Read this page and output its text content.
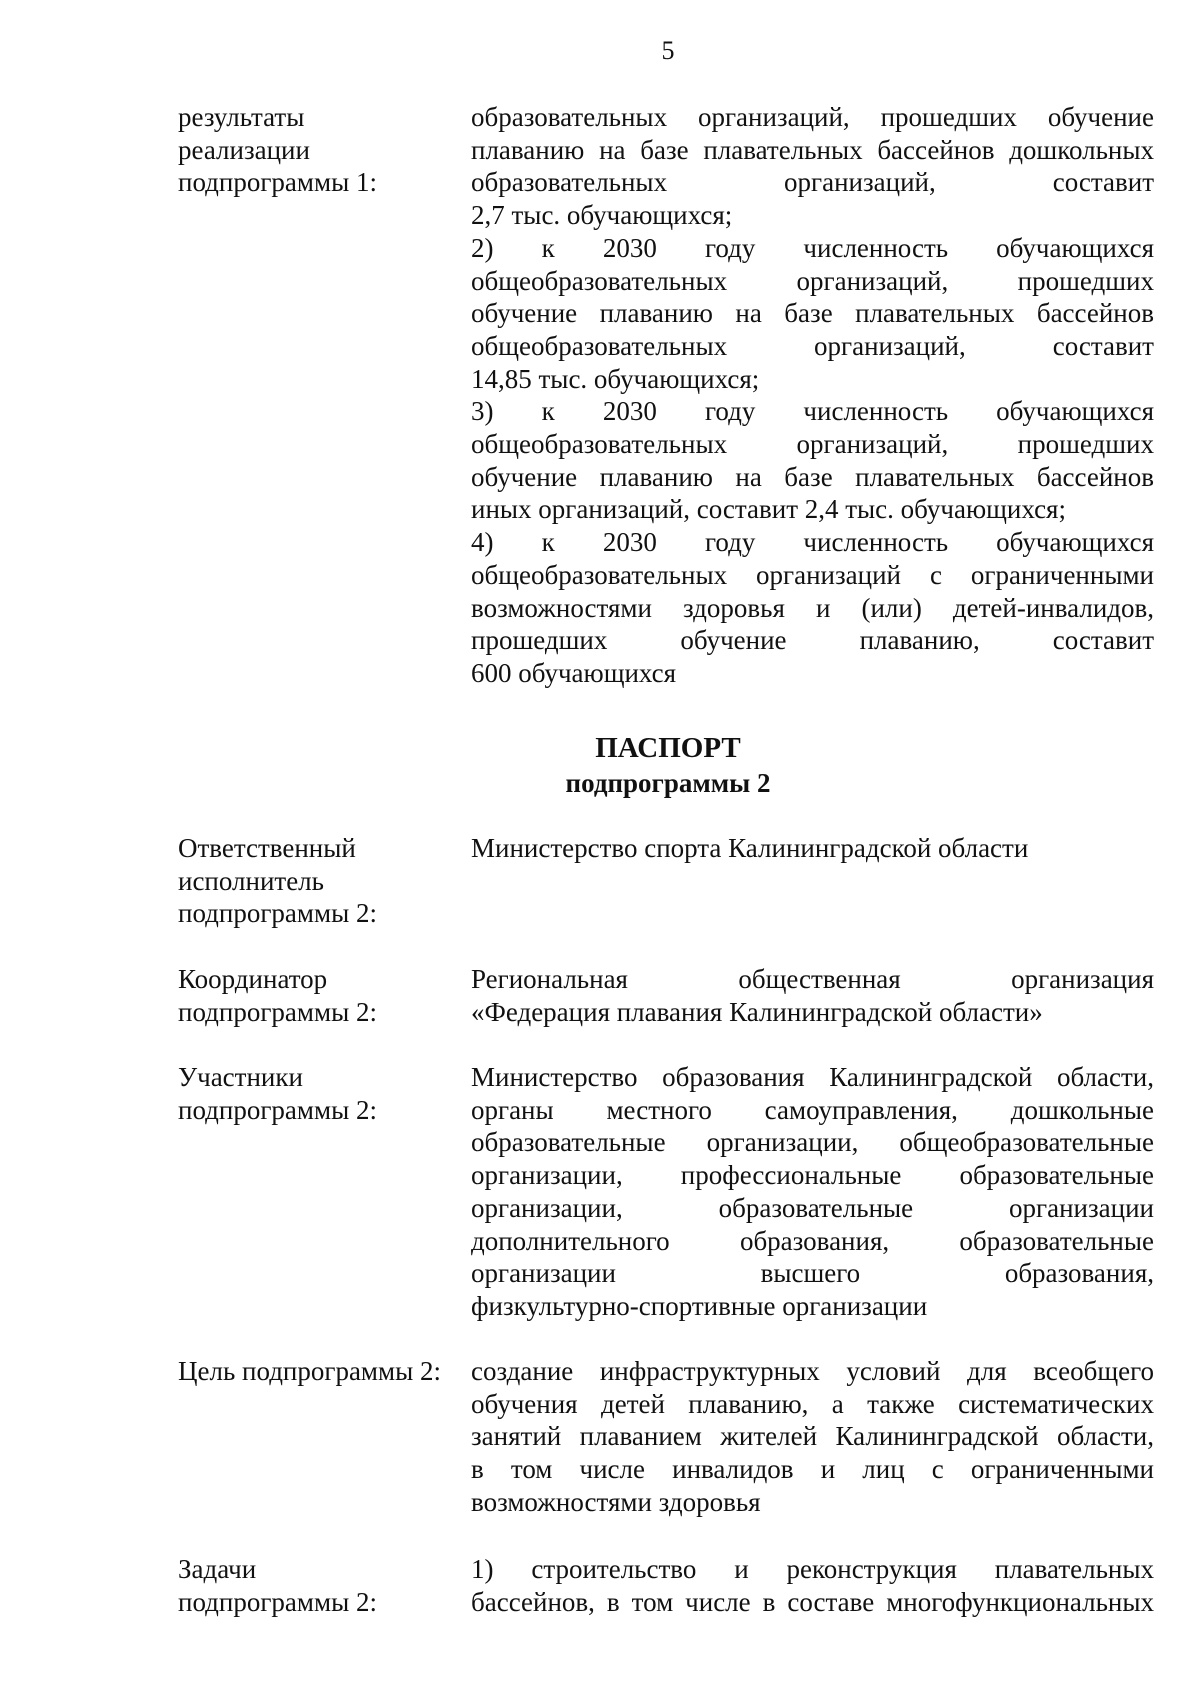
5
результаты
реализации
подпрограммы 1:
образовательных организаций, прошедших обучение
плаванию на базе плавательных бассейнов дошкольных
образовательных организаций, составит
2,7 тыс. обучающихся;
2) к 2030 году численность обучающихся
общеобразовательных организаций, прошедших
обучение плаванию на базе плавательных бассейнов
общеобразовательных организаций, составит
14,85 тыс. обучающихся;
3) к 2030 году численность обучающихся
общеобразовательных организаций, прошедших
обучение плаванию на базе плавательных бассейнов
иных организаций, составит 2,4 тыс. обучающихся;
4) к 2030 году численность обучающихся
общеобразовательных организаций с ограниченными
возможностями здоровья и (или) детей-инвалидов,
прошедших обучение плаванию, составит
600 обучающихся
ПАСПОРТ
подпрограммы 2
Ответственный
исполнитель
подпрограммы 2:
Министерство спорта Калининградской области
Координатор
подпрограммы 2:
Региональная общественная организация
«Федерация плавания Калининградской области»
Участники
подпрограммы 2:
Министерство образования Калининградской области,
органы местного самоуправления, дошкольные
образовательные организации, общеобразовательные
организации, профессиональные образовательные
организации, образовательные организации
дополнительного образования, образовательные
организации высшего образования,
физкультурно-спортивные организации
Цель подпрограммы 2:	создание инфраструктурных условий для всеобщего
обучения детей плаванию, а также систематических
занятий плаванием жителей Калининградской области,
в том числе инвалидов и лиц с ограниченными
возможностями здоровья
Задачи
подпрограммы 2:
1) строительство и реконструкция плавательных
бассейнов, в том числе в составе многофункциональных
